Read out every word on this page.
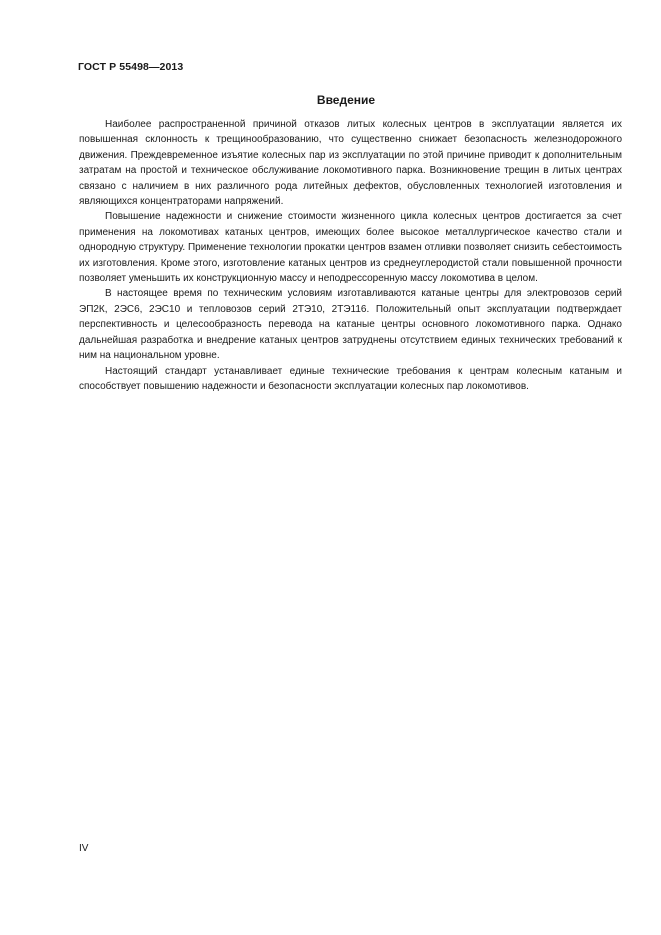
ГОСТ Р 55498—2013
Введение

Наиболее распространенной причиной отказов литых колесных центров в эксплуатации является их повышенная склонность к трещинообразованию, что существенно снижает безопасность железнодорожного движения. Преждевременное изъятие колесных пар из эксплуатации по этой причине приводит к дополнительным затратам на простой и техническое обслуживание локомотивного парка. Возникновение трещин в литых центрах связано с наличием в них различного рода литейных дефектов, обусловленных технологией изготовления и являющихся концентраторами напряжений.

Повышение надежности и снижение стоимости жизненного цикла колесных центров достигается за счет применения на локомотивах катаных центров, имеющих более высокое металлургическое качество стали и однородную структуру. Применение технологии прокатки центров взамен отливки позволяет снизить себестоимость их изготовления. Кроме этого, изготовление катаных центров из среднеуглеродистой стали повышенной прочности позволяет уменьшить их конструкционную массу и неподрессоренную массу локомотива в целом.

В настоящее время по техническим условиям изготавливаются катаные центры для электровозов серий ЭП2К, 2ЭС6, 2ЭС10 и тепловозов серий 2ТЭ10, 2ТЭ116. Положительный опыт эксплуатации подтверждает перспективность и целесообразность перевода на катаные центры основного локомотивного парка. Однако дальнейшая разработка и внедрение катаных центров затруднены отсутствием единых технических требований к ним на национальном уровне.

Настоящий стандарт устанавливает единые технические требования к центрам колесным катаным и способствует повышению надежности и безопасности эксплуатации колесных пар локомотивов.

IV
